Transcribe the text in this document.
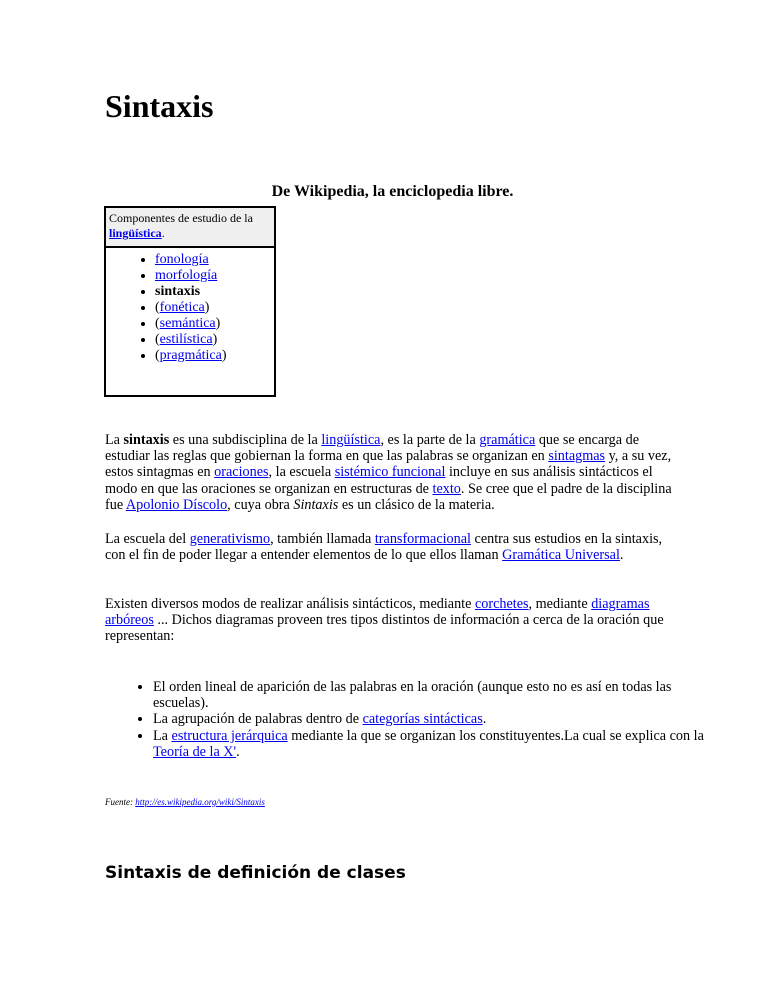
Sintaxis

De Wikipedia, la enciclopedia libre.

Componentes de estudio de la lingüística.
• fonología
• morfología
• sintaxis
• (fonética)
• (semántica)
• (estilística)
• (pragmática)

La sintaxis es una subdisciplina de la lingüística, es la parte de la gramática que se encarga de estudiar las reglas que gobiernan la forma en que las palabras se organizan en sintagmas y, a su vez, estos sintagmas en oraciones, la escuela sistémico funcional incluye en sus análisis sintácticos el modo en que las oraciones se organizan en estructuras de texto. Se cree que el padre de la disciplina fue Apolonio Díscolo, cuya obra Sintaxis es un clásico de la materia.

La escuela del generativismo, también llamada transformacional centra sus estudios en la sintaxis, con el fin de poder llegar a entender elementos de lo que ellos llaman Gramática Universal.

Existen diversos modos de realizar análisis sintácticos, mediante corchetes, mediante diagramas arbóreos ... Dichos diagramas proveen tres tipos distintos de información a cerca de la oración que representan:

• El orden lineal de aparición de las palabras en la oración (aunque esto no es así en todas las escuelas).
• La agrupación de palabras dentro de categorías sintácticas.
• La estructura jerárquica mediante la que se organizan los constituyentes.La cual se explica con la Teoría de la X'.

Fuente: http://es.wikipedia.org/wiki/Sintaxis

Sintaxis de definición de clases
